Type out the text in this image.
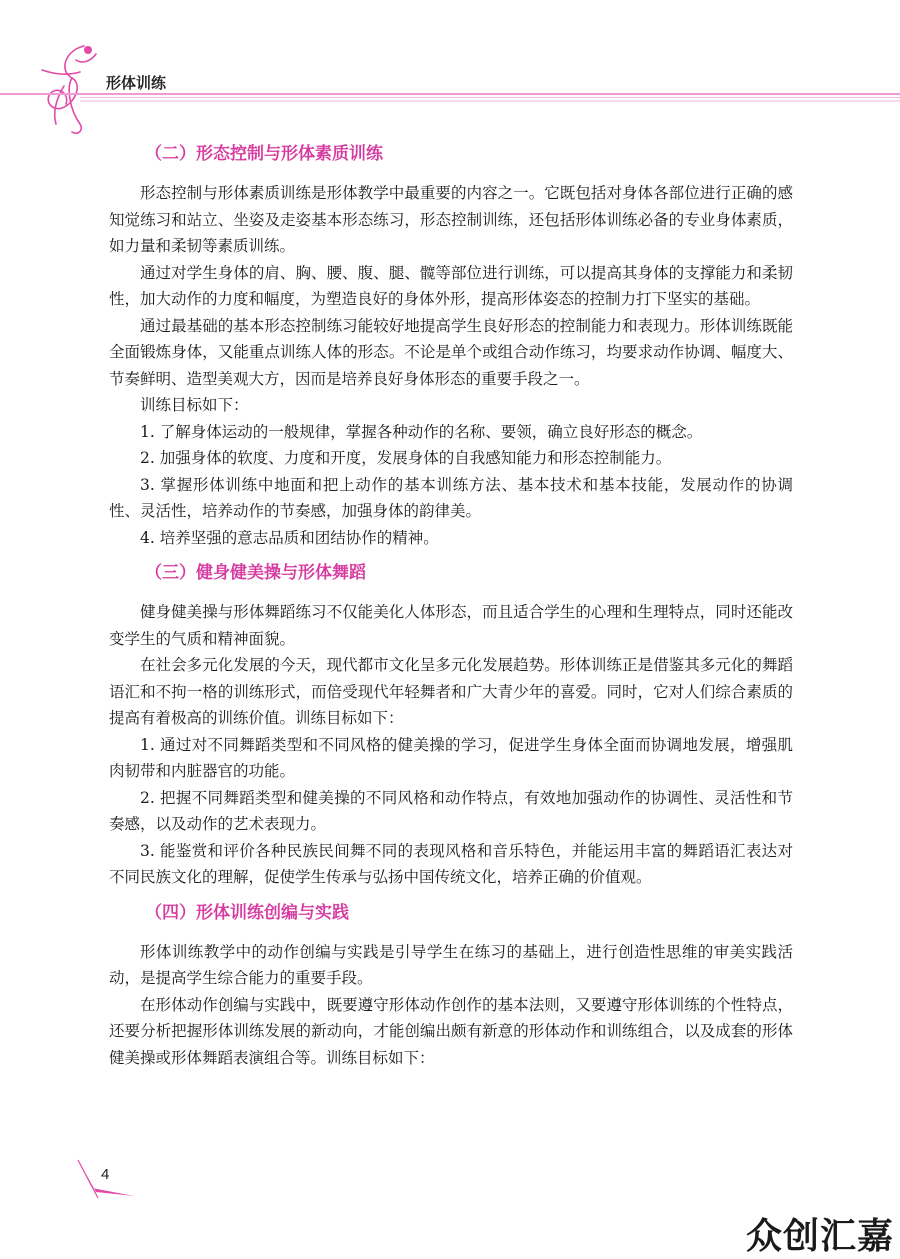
形体训练
（二）形态控制与形体素质训练

形态控制与形体素质训练是形体教学中最重要的内容之一。它既包括对身体各部位进行正确的感知觉练习和站立、坐姿及走姿基本形态练习，形态控制训练，还包括形体训练必备的专业身体素质，如力量和柔韧等素质训练。

通过对学生身体的肩、胸、腰、腹、腿、髋等部位进行训练，可以提高其身体的支撑能力和柔韧性，加大动作的力度和幅度，为塑造良好的身体外形，提高形体姿态的控制力打下坚实的基础。

通过最基础的基本形态控制练习能较好地提高学生良好形态的控制能力和表现力。形体训练既能全面锻炼身体，又能重点训练人体的形态。不论是单个或组合动作练习，均要求动作协调、幅度大、节奏鲜明、造型美观大方，因而是培养良好身体形态的重要手段之一。

训练目标如下：

1. 了解身体运动的一般规律，掌握各种动作的名称、要领，确立良好形态的概念。

2. 加强身体的软度、力度和开度，发展身体的自我感知能力和形态控制能力。

3. 掌握形体训练中地面和把上动作的基本训练方法、基本技术和基本技能，发展动作的协调性、灵活性，培养动作的节奏感，加强身体的韵律美。

4. 培养坚强的意志品质和团结协作的精神。

（三）健身健美操与形体舞蹈

健身健美操与形体舞蹈练习不仅能美化人体形态，而且适合学生的心理和生理特点，同时还能改变学生的气质和精神面貌。

在社会多元化发展的今天，现代都市文化呈多元化发展趋势。形体训练正是借鉴其多元化的舞蹈语汇和不拘一格的训练形式，而倍受现代年轻舞者和广大青少年的喜爱。同时，它对人们综合素质的提高有着极高的训练价值。训练目标如下：

1. 通过对不同舞蹈类型和不同风格的健美操的学习，促进学生身体全面而协调地发展，增强肌肉韧带和内脏器官的功能。

2. 把握不同舞蹈类型和健美操的不同风格和动作特点，有效地加强动作的协调性、灵活性和节奏感，以及动作的艺术表现力。

3. 能鉴赏和评价各种民族民间舞不同的表现风格和音乐特色，并能运用丰富的舞蹈语汇表达对不同民族文化的理解，促使学生传承与弘扬中国传统文化，培养正确的价值观。

（四）形体训练创编与实践

形体训练教学中的动作创编与实践是引导学生在练习的基础上，进行创造性思维的审美实践活动，是提高学生综合能力的重要手段。

在形体动作创编与实践中，既要遵守形体动作创作的基本法则，又要遵守形体训练的个性特点，还要分析把握形体训练发展的新动向，才能创编出颇有新意的形体动作和训练组合，以及成套的形体健美操或形体舞蹈表演组合等。训练目标如下：

4
众创汇嘉
